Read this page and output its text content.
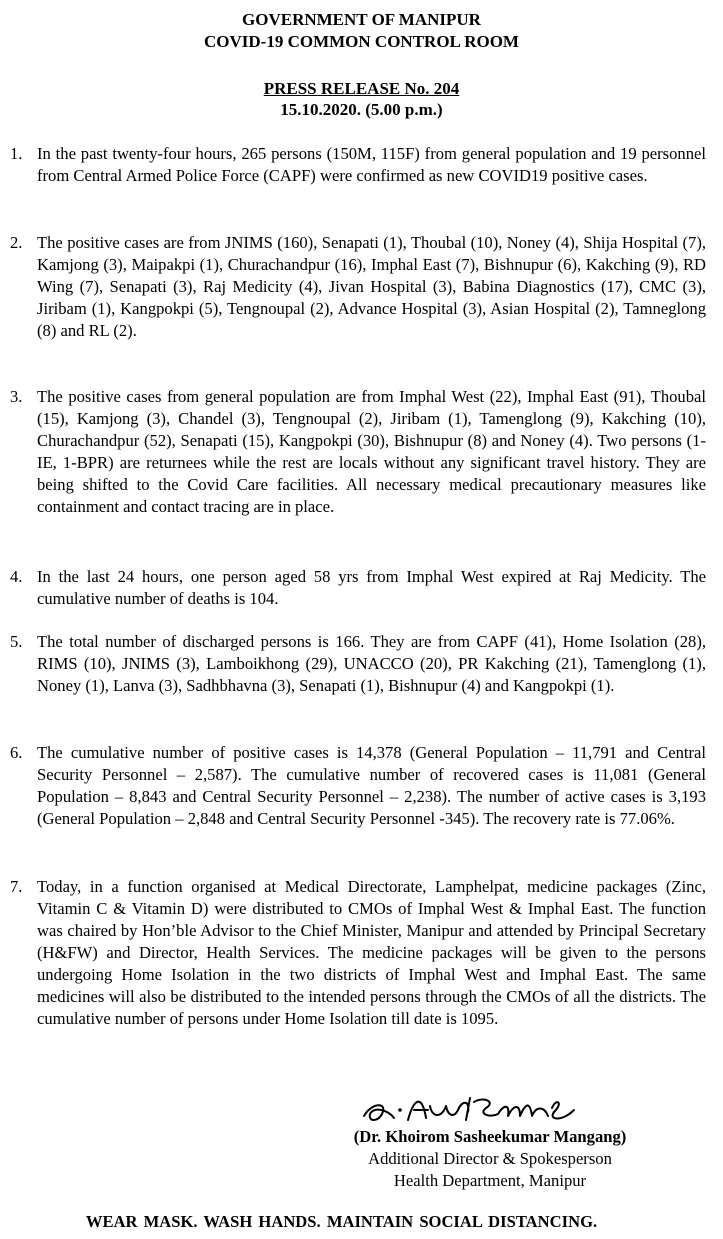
GOVERNMENT OF MANIPUR
COVID-19 COMMON CONTROL ROOM
PRESS RELEASE No. 204
15.10.2020. (5.00 p.m.)
1. In the past twenty-four hours, 265 persons (150M, 115F) from general population and 19 personnel from Central Armed Police Force (CAPF) were confirmed as new COVID19 positive cases.
2. The positive cases are from JNIMS (160), Senapati (1), Thoubal (10), Noney (4), Shija Hospital (7), Kamjong (3), Maipakpi (1), Churachandpur (16), Imphal East (7), Bishnupur (6), Kakching (9), RD Wing (7), Senapati (3), Raj Medicity (4), Jivan Hospital (3), Babina Diagnostics (17), CMC (3), Jiribam (1), Kangpokpi (5), Tengnoupal (2), Advance Hospital (3), Asian Hospital (2), Tamneglong (8) and RL (2).
3. The positive cases from general population are from Imphal West (22), Imphal East (91), Thoubal (15), Kamjong (3), Chandel (3), Tengnoupal (2), Jiribam (1), Tamenglong (9), Kakching (10), Churachandpur (52), Senapati (15), Kangpokpi (30), Bishnupur (8) and Noney (4). Two persons (1-IE, 1-BPR) are returnees while the rest are locals without any significant travel history. They are being shifted to the Covid Care facilities. All necessary medical precautionary measures like containment and contact tracing are in place.
4. In the last 24 hours, one person aged 58 yrs from Imphal West expired at Raj Medicity. The cumulative number of deaths is 104.
5. The total number of discharged persons is 166. They are from CAPF (41), Home Isolation (28), RIMS (10), JNIMS (3), Lamboikhong (29), UNACCO (20), PR Kakching (21), Tamenglong (1), Noney (1), Lanva (3), Sadhbhavna (3), Senapati (1), Bishnupur (4) and Kangpokpi (1).
6. The cumulative number of positive cases is 14,378 (General Population – 11,791 and Central Security Personnel – 2,587). The cumulative number of recovered cases is 11,081 (General Population – 8,843 and Central Security Personnel – 2,238). The number of active cases is 3,193 (General Population – 2,848 and Central Security Personnel -345). The recovery rate is 77.06%.
7. Today, in a function organised at Medical Directorate, Lamphelpat, medicine packages (Zinc, Vitamin C & Vitamin D) were distributed to CMOs of Imphal West & Imphal East. The function was chaired by Hon’ble Advisor to the Chief Minister, Manipur and attended by Principal Secretary (H&FW) and Director, Health Services. The medicine packages will be given to the persons undergoing Home Isolation in the two districts of Imphal West and Imphal East. The same medicines will also be distributed to the intended persons through the CMOs of all the districts. The cumulative number of persons under Home Isolation till date is 1095.
(Dr. Khoirom Sasheekumar Mangang)
Additional Director & Spokesperson
Health Department, Manipur
WEAR MASK. WASH HANDS. MAINTAIN SOCIAL DISTANCING.
